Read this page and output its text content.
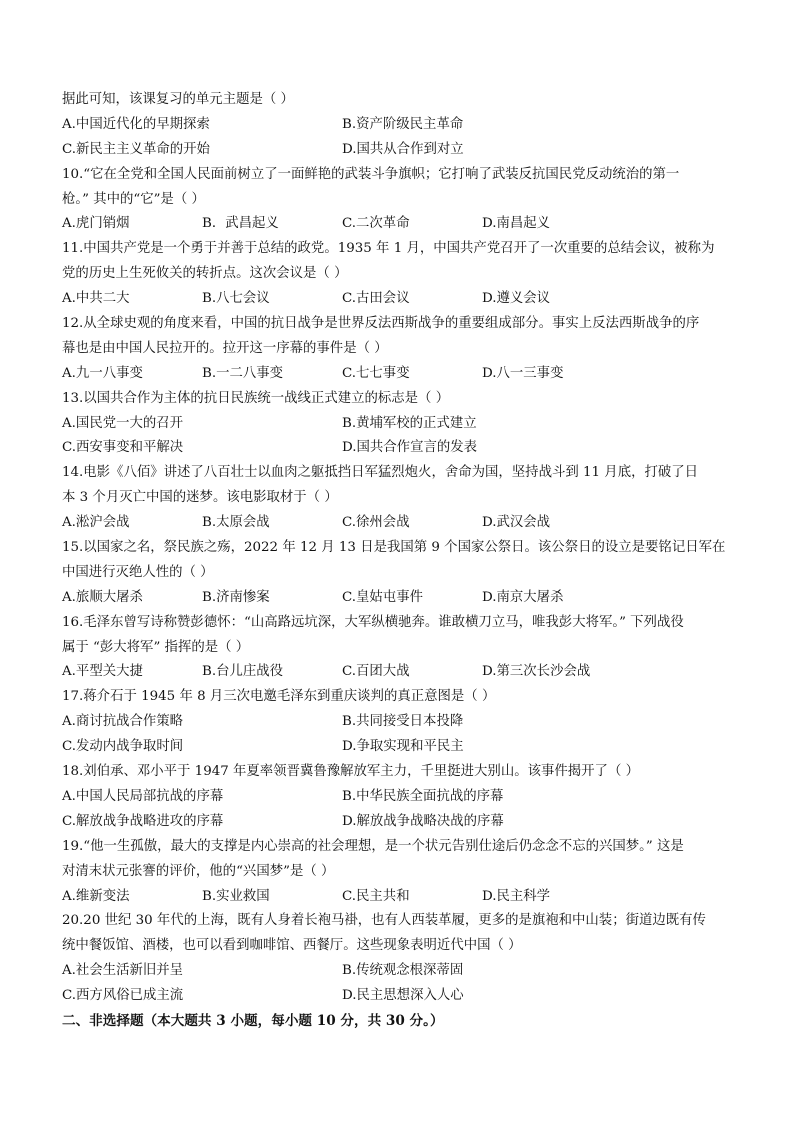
据此可知，该课复习的单元主题是（ ）
A.中国近代化的早期探索	B.资产阶级民主革命
C.新民主主义革命的开始	D.国共从合作到对立
10.“它在全党和全国人民面前树立了一面鲜艳的武装斗争旗帜；它打响了武装反抗国民党反动统治的第一
枪。” 其中的“它”是（ ）
A.虎门销烟	B．武昌起义	C.二次革命	D.南昌起义
11.中国共产党是一个勇于并善于总结的政党。1935 年 1 月，中国共产党召开了一次重要的总结会议，被称为
党的历史上生死攸关的转折点。这次会议是（ ）
A.中共二大	B.八七会议	C.古田会议	D.遵义会议
12.从全球史观的角度来看，中国的抗日战争是世界反法西斯战争的重要组成部分。事实上反法西斯战争的序
幕也是由中国人民拉开的。拉开这一序幕的事件是（ ）
A.九一八事变	B.一二八事变	C.七七事变	D.八一三事变
13.以国共合作为主体的抗日民族统一战线正式建立的标志是（ ）
A.国民党一大的召开	B.黄埔军校的正式建立
C.西安事变和平解决	D.国共合作宣言的发表
14.电影《八佰》讲述了八百壮士以血肉之躯抵挡日军猛烈炮火，舍命为国，坚持战斗到 11 月底，打破了日
本 3 个月灭亡中国的迷梦。该电影取材于（ ）
A.淞沪会战	B.太原会战	C.徐州会战	D.武汉会战
15.以国家之名，祭民族之殇，2022 年 12 月 13 日是我国第 9 个国家公祭日。该公祭日的设立是要铭记日军在
中国进行灭绝人性的（ ）
A.旅顺大屠杀	B.济南惨案	C.皇姑屯事件	D.南京大屠杀
16.毛泽东曾写诗称赞彭德怀：“山高路远坑深，大军纵横驰奔。谁敢横刀立马，唯我彭大将军。” 下列战役
属于 “彭大将军” 指挥的是（ ）
A.平型关大捷	B.台儿庄战役	C.百团大战	D.第三次长沙会战
17.蒋介石于 1945 年 8 月三次电邀毛泽东到重庆谈判的真正意图是（ ）
A.商讨抗战合作策略	B.共同接受日本投降
C.发动内战争取时间	D.争取实现和平民主
18.刘伯承、邓小平于 1947 年夏率领晋冀鲁豫解放军主力，千里挺进大别山。该事件揭开了（ ）
A.中国人民局部抗战的序幕	B.中华民族全面抗战的序幕
C.解放战争战略进攻的序幕	D.解放战争战略决战的序幕
19.“他一生孤傲，最大的支撑是内心崇高的社会理想，是一个状元告别仕途后仍念念不忘的兴国梦。” 这是
对清末状元张謇的评价，他的“兴国梦”是（ ）
A.维新变法	B.实业救国	C.民主共和	D.民主科学
20.20 世纪 30 年代的上海，既有人身着长袍马褂，也有人西装革履，更多的是旗袍和中山装；街道边既有传
统中餐饭馆、酒楼，也可以看到咖啡馆、西餐厅。这些现象表明近代中国（ ）
A.社会生活新旧并呈	B.传统观念根深蒂固
C.西方风俗已成主流	D.民主思想深入人心
二、非选择题（本大题共 3 小题，每小题 10 分，共 30 分。）
